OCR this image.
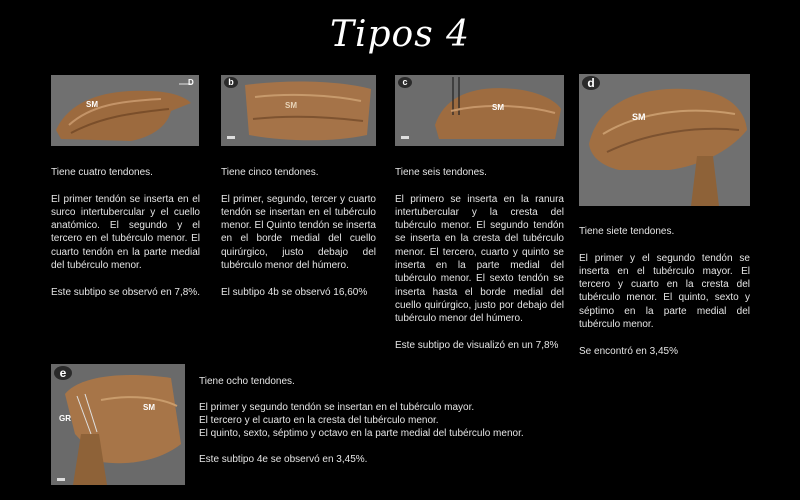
Tipos 4
SM
D	b
SM
c
SM
d
SM
e
SM
GR

Tiene cuatro tendones.

El primer tendón se inserta en el surco intertubercular y el cuello anatómico. El segundo y el tercero en el tubérculo menor. El cuarto tendón en la parte medial del tubérculo menor.

Este subtipo se observó en 7,8%.

Tiene cinco tendones.

El primer, segundo, tercer y cuarto tendón se insertan en el tubérculo menor. El Quinto tendón se inserta en el borde medial del cuello quirúrgico, justo debajo del tubérculo menor del húmero.

El subtipo 4b se observó 16,60%

Tiene seis tendones.

El primero se inserta en la ranura intertubercular y la cresta del tubérculo menor. El segundo tendón se inserta en la cresta del tubérculo menor. El tercero, cuarto y quinto se inserta en la parte medial del tubérculo menor. El sexto tendón se inserta hasta el borde medial del cuello quirúrgico, justo por debajo del tubérculo menor del húmero.

Este subtipo de visualizó en un 7,8%

Tiene siete tendones.

El primer y el segundo tendón se inserta en el tubérculo mayor. El tercero y cuarto en la cresta del tubérculo menor. El quinto, sexto y séptimo en la parte medial del tubérculo menor.

Se encontró en 3,45%

Tiene ocho tendones.

El primer y segundo tendón se insertan en el tubérculo mayor.
El tercero y el cuarto en la cresta del tubérculo menor.
El quinto, sexto, séptimo y octavo en la parte medial del tubérculo menor.

Este subtipo 4e se observó en 3,45%.
